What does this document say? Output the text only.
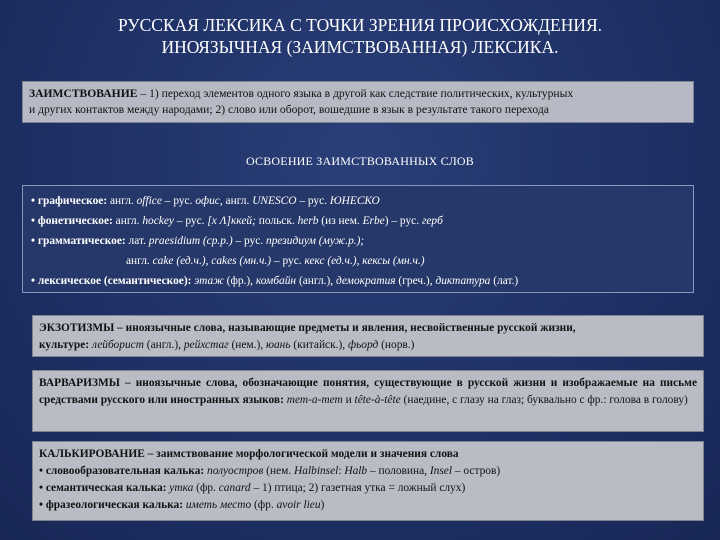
РУССКАЯ ЛЕКСИКА С ТОЧКИ ЗРЕНИЯ ПРОИСХОЖДЕНИЯ.
ИНОЯЗЫЧНАЯ (ЗАИМСТВОВАННАЯ) ЛЕКСИКА.
ЗАИМСТВОВАНИЕ – 1) переход элементов одного языка в другой как следствие политических, культурных
и других контактов между народами; 2) слово или оборот, вошедшие в язык в результате такого перехода
ОСВОЕНИЕ ЗАИМСТВОВАННЫХ СЛОВ
• графическое: англ. office – рус. офис, англ. UNESCO – рус. ЮНЕСКО
• фонетическое: англ. hockey – рус. [х Λ]ккей; польск. herb (из нем. Erbe) – рус. герб
• грамматическое: лат. praesidium (ср.р.) – рус. президиум (муж.р.);
англ. cake (ед.ч.), cakes (мн.ч.) – рус. кекс (ед.ч.), кексы (мн.ч.)
• лексическое (семантическое): этаж (фр.), комбайн (англ.), демократия (греч.), диктатура (лат.)
ЭКЗОТИЗМЫ – иноязычные слова, называющие предметы и явления, несвойственные русской жизни,
культуре: лейборист (англ.), рейхстаг (нем.), юань (китайск.), фьорд (норв.)
ВАРВАРИЗМЫ – иноязычные слова, обозначающие понятия, существующие в русской жизни и изображаемые на письме средствами русского или иностранных языков: тет-а-тет и tête-à-tête (наедине, с глазу на глаз; буквально с фр.: голова в голову)
КАЛЬКИРОВАНИЕ – заимствование морфологической модели и значения слова
• словообразовательная калька: полуостров (нем. Halbinsel: Halb – половина, Insel – остров)
• семантическая калька: утка (фр. canard – 1) птица; 2) газетная утка = ложный слух)
• фразеологическая калька: иметь место (фр. avoir lieu)
